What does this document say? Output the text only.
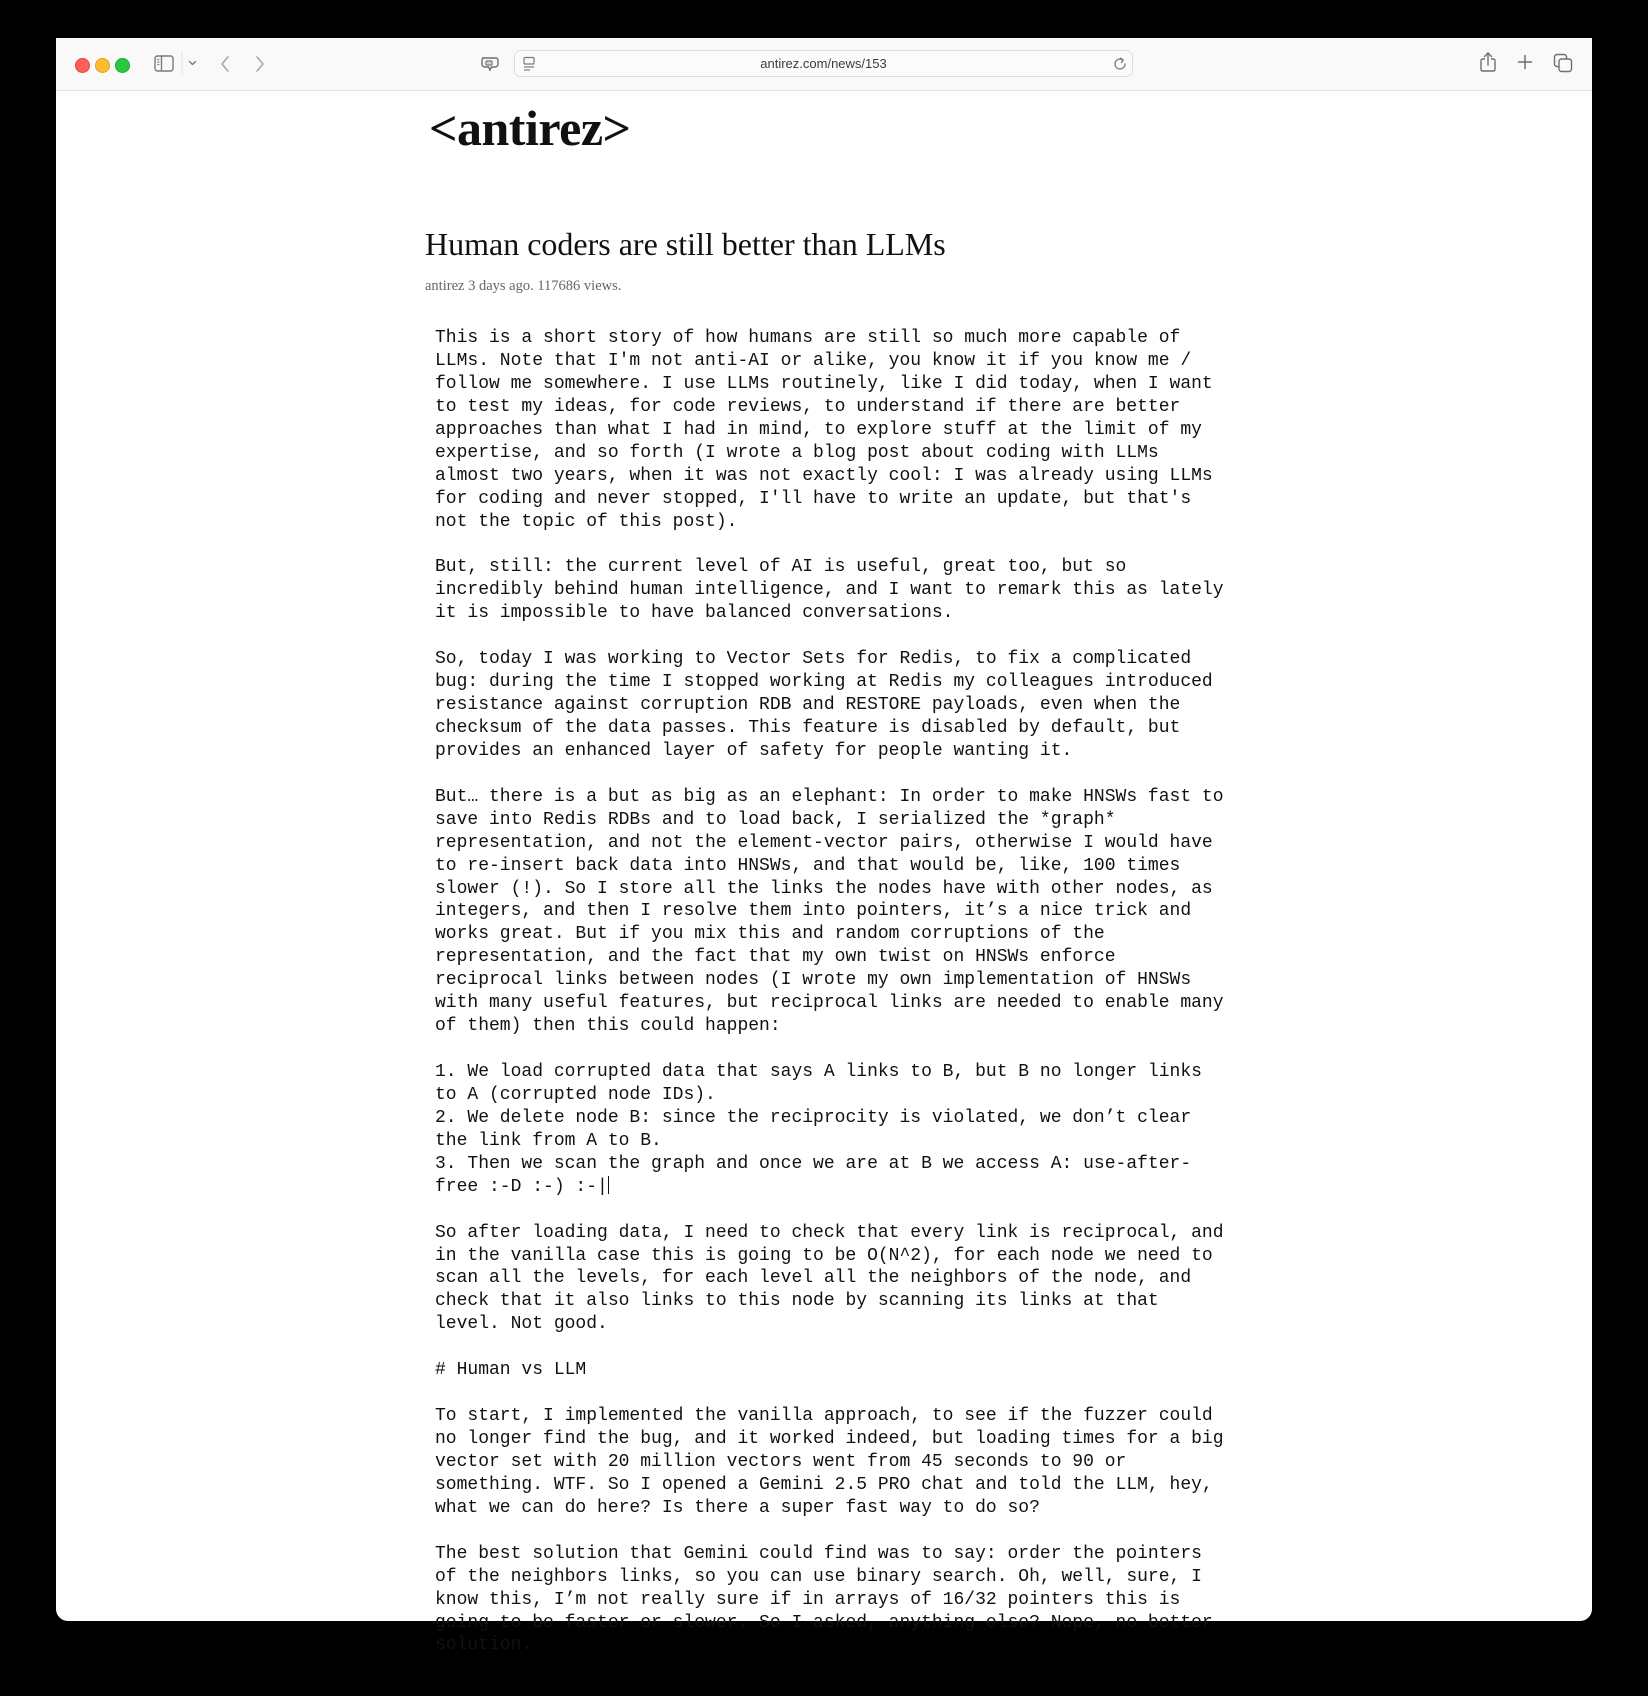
antirez.com/news/153
<antirez>
Human coders are still better than LLMs
antirez 3 days ago. 117686 views.
This is a short story of how humans are still so much more capable of
LLMs. Note that I'm not anti-AI or alike, you know it if you know me /
follow me somewhere. I use LLMs routinely, like I did today, when I want
to test my ideas, for code reviews, to understand if there are better
approaches than what I had in mind, to explore stuff at the limit of my
expertise, and so forth (I wrote a blog post about coding with LLMs
almost two years, when it was not exactly cool: I was already using LLMs
for coding and never stopped, I'll have to write an update, but that's
not the topic of this post).
But, still: the current level of AI is useful, great too, but so
incredibly behind human intelligence, and I want to remark this as lately
it is impossible to have balanced conversations.
So, today I was working to Vector Sets for Redis, to fix a complicated
bug: during the time I stopped working at Redis my colleagues introduced
resistance against corruption RDB and RESTORE payloads, even when the
checksum of the data passes. This feature is disabled by default, but
provides an enhanced layer of safety for people wanting it.
But… there is a but as big as an elephant: In order to make HNSWs fast to
save into Redis RDBs and to load back, I serialized the *graph*
representation, and not the element-vector pairs, otherwise I would have
to re-insert back data into HNSWs, and that would be, like, 100 times
slower (!). So I store all the links the nodes have with other nodes, as
integers, and then I resolve them into pointers, it’s a nice trick and
works great. But if you mix this and random corruptions of the
representation, and the fact that my own twist on HNSWs enforce
reciprocal links between nodes (I wrote my own implementation of HNSWs
with many useful features, but reciprocal links are needed to enable many
of them) then this could happen:
1. We load corrupted data that says A links to B, but B no longer links
to A (corrupted node IDs).
2. We delete node B: since the reciprocity is violated, we don’t clear
the link from A to B.
3. Then we scan the graph and once we are at B we access A: use-after-
free :-D :-) :-|
So after loading data, I need to check that every link is reciprocal, and
in the vanilla case this is going to be O(N^2), for each node we need to
scan all the levels, for each level all the neighbors of the node, and
check that it also links to this node by scanning its links at that
level. Not good.
# Human vs LLM
To start, I implemented the vanilla approach, to see if the fuzzer could
no longer find the bug, and it worked indeed, but loading times for a big
vector set with 20 million vectors went from 45 seconds to 90 or
something. WTF. So I opened a Gemini 2.5 PRO chat and told the LLM, hey,
what we can do here? Is there a super fast way to do so?
The best solution that Gemini could find was to say: order the pointers
of the neighbors links, so you can use binary search. Oh, well, sure, I
know this, I’m not really sure if in arrays of 16/32 pointers this is
going to be faster or slower. So I asked, anything else? Nope, no better
solution.
